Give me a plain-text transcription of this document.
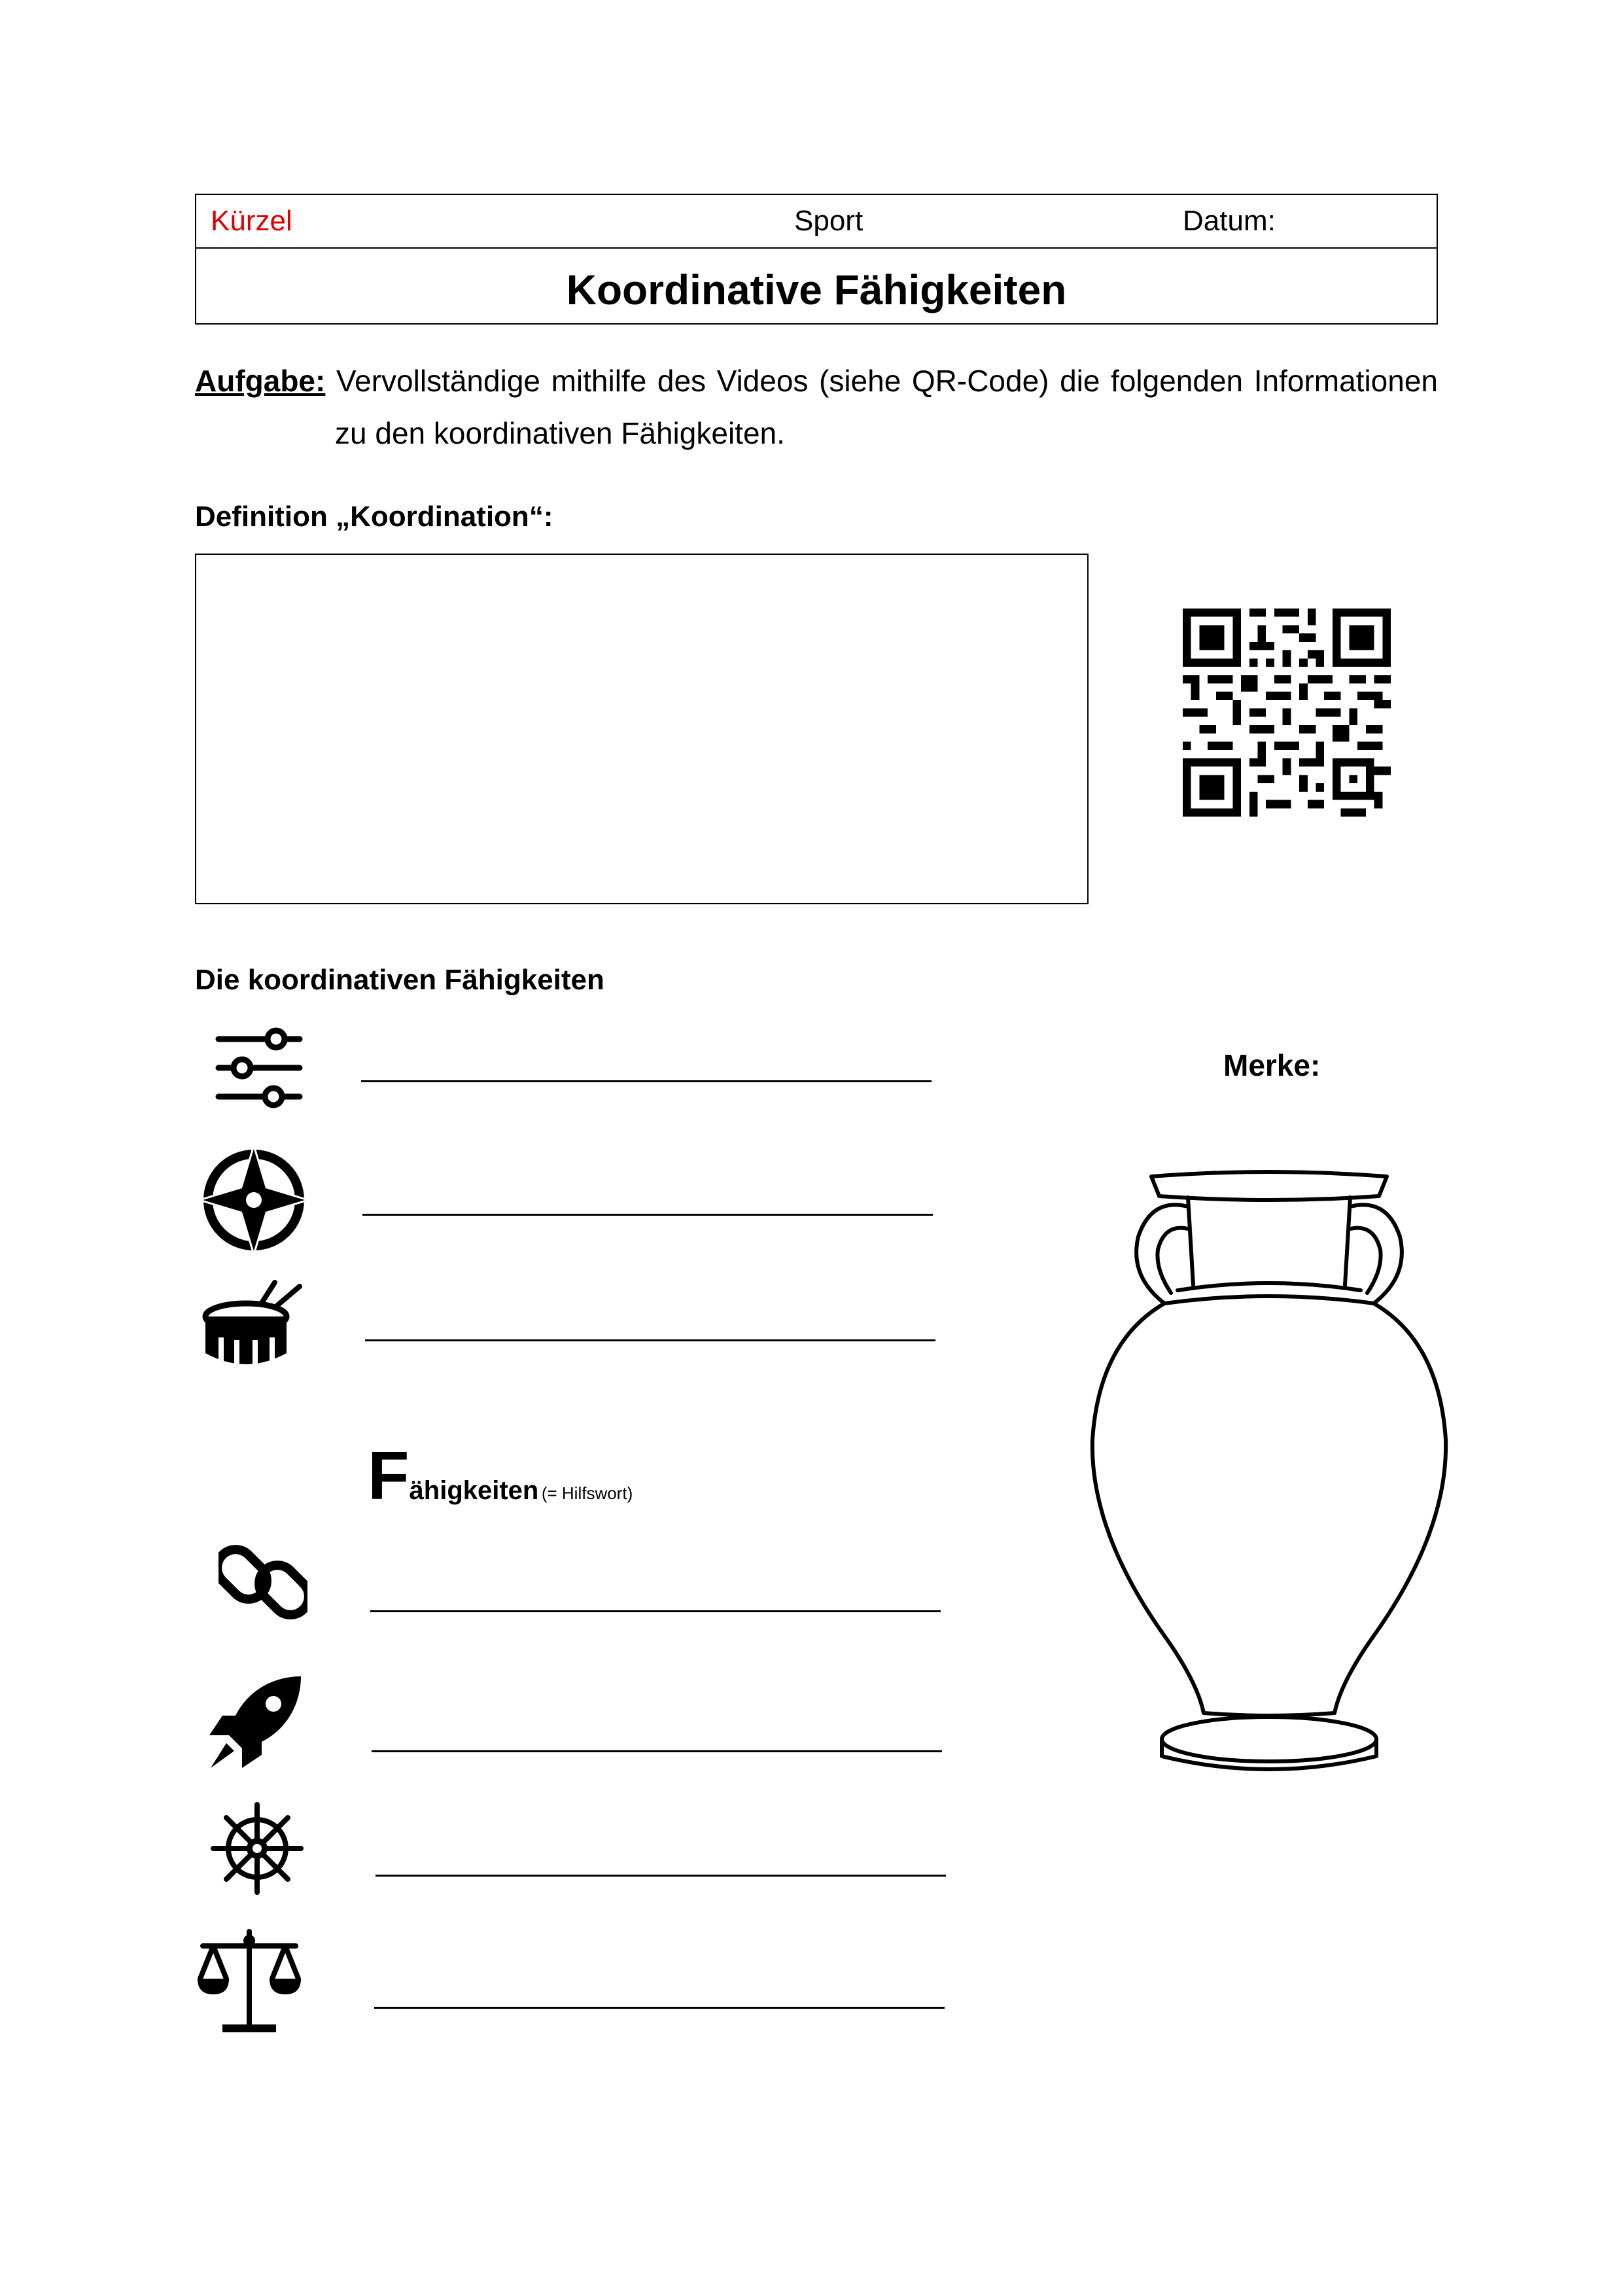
Kürzel	Sport	Datum:
Koordinative Fähigkeiten
Aufgabe: Vervollständige mithilfe des Videos (siehe QR-Code) die folgenden Informationen
zu den koordinativen Fähigkeiten.
Definition „Koordination“:
Die koordinativen Fähigkeiten
Merke:
Fähigkeiten (= Hilfswort)
